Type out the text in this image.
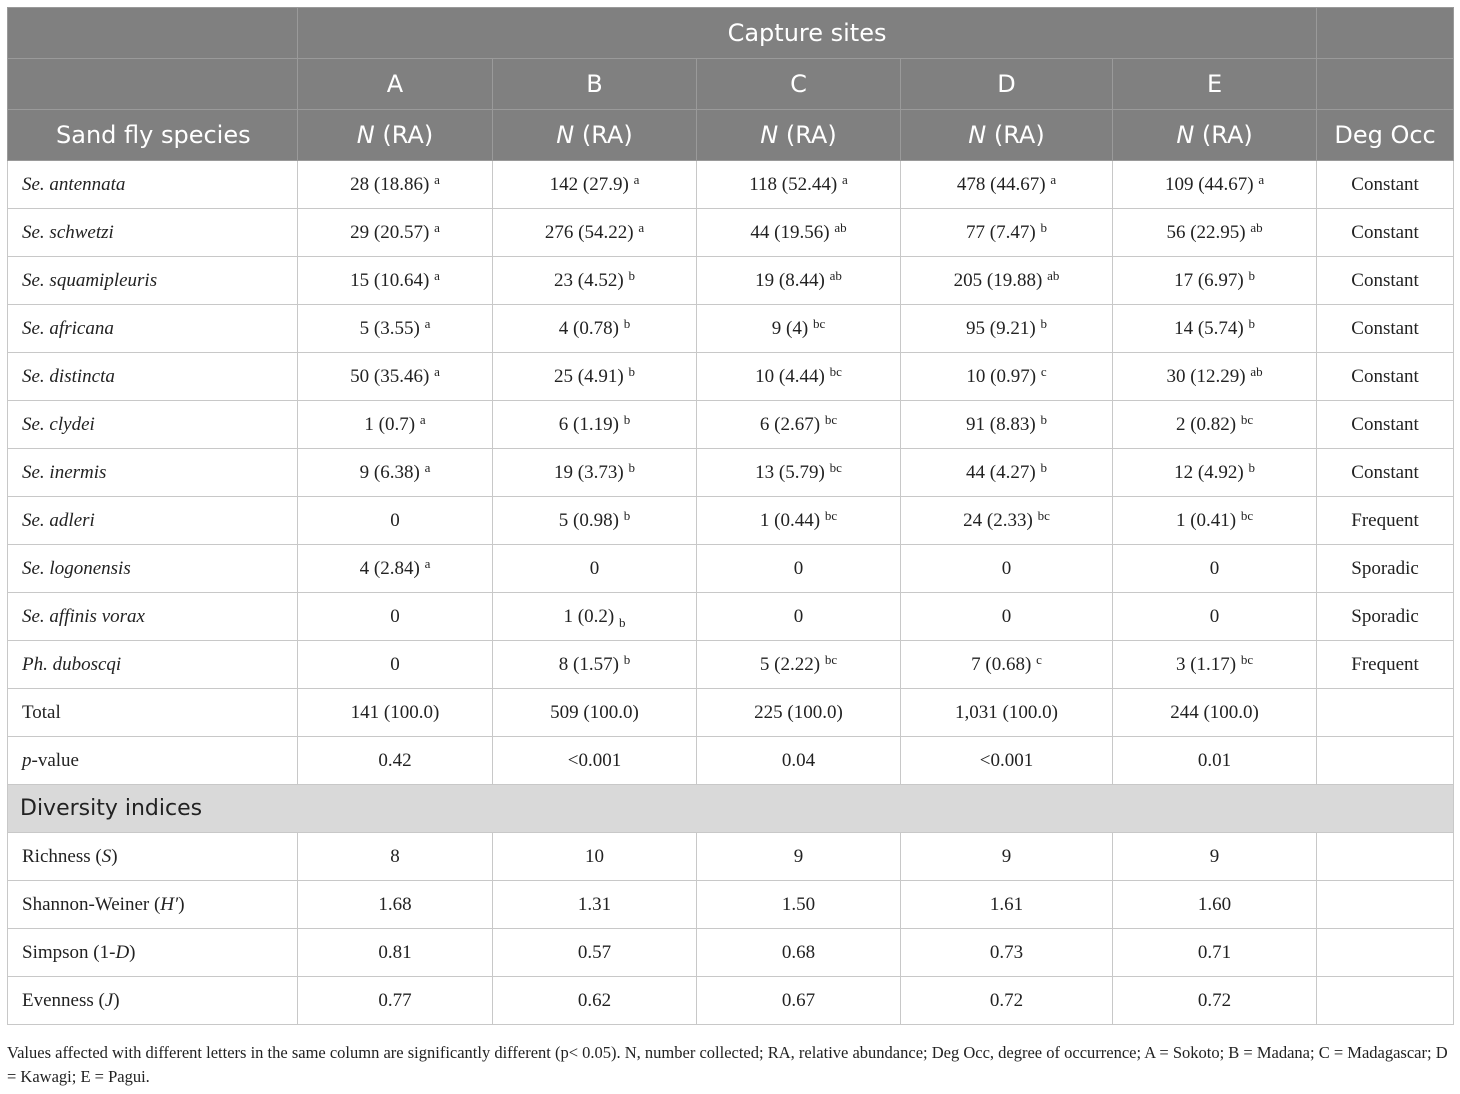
	Capture sites					
	A	B	C	D	E	
Sand fly species	N (RA)	N (RA)	N (RA)	N (RA)	N (RA)	Deg Occ
Se. antennata	28 (18.86) $^a$	142 (27.9) $^a$	118 (52.44) $^a$	478 (44.67) $^a$	109 (44.67) $^a$	Constant
Se. schwetzi	29 (20.57) $^a$	276 (54.22) $^a$	44 (19.56) $^{ab}$	77 (7.47) $^b$	56 (22.95) $^{ab}$	Constant
Se. squamipleuris	15 (10.64) $^a$	23 (4.52) $^b$	19 (8.44) $^{ab}$	205 (19.88) $^{ab}$	17 (6.97) $^b$	Constant
Se. africana	5 (3.55) $^a$	4 (0.78) $^b$	9 (4) $^{bc}$	95 (9.21) $^b$	14 (5.74) $^b$	Constant
Se. distincta	50 (35.46) $^a$	25 (4.91) $^b$	10 (4.44) $^{bc}$	10 (0.97) $^c$	30 (12.29) $^{ab}$	Constant
Se. clydei	1 (0.7) $^a$	6 (1.19) $^b$	6 (2.67) $^{bc}$	91 (8.83) $^b$	2 (0.82) $^{bc}$	Constant
Se. inermis	9 (6.38) $^a$	19 (3.73) $^b$	13 (5.79) $^{bc}$	44 (4.27) $^b$	12 (4.92) $^b$	Constant
Se. adleri	0	5 (0.98) $^b$	1 (0.44) $^{bc}$	24 (2.33) $^{bc}$	1 (0.41) $^{bc}$	Frequent
Se. logonensis	4 (2.84) $^a$	0	0	0	0	Sporadic
Se. affinis vorax	0	1 (0.2) $_b$	0	0	0	Sporadic
Ph. duboscqi	0	8 (1.57) $^b$	5 (2.22) $^{bc}$	7 (0.68) $^c$	3 (1.17) $^{bc}$	Frequent
Total	141 (100.0)	509 (100.0)	225 (100.0)	1,031 (100.0)	244 (100.0)	
p-value	0.42	<0.001	0.04	<0.001	0.01	
Diversity indices						
Richness (S)	8	10	9	9	9	
Shannon-Weiner (H′)	1.68	1.31	1.50	1.61	1.60	
Simpson (1-D)	0.81	0.57	0.68	0.73	0.71	
Evenness (J)	0.77	0.62	0.67	0.72	0.72	
Values affected with different letters in the same column are significantly different (p< 0.05). N, number collected; RA, relative abundance; Deg Occ, degree of occurrence; A = Sokoto; B = Madana; C = Madagascar; D = Kawagi; E = Pagui.
